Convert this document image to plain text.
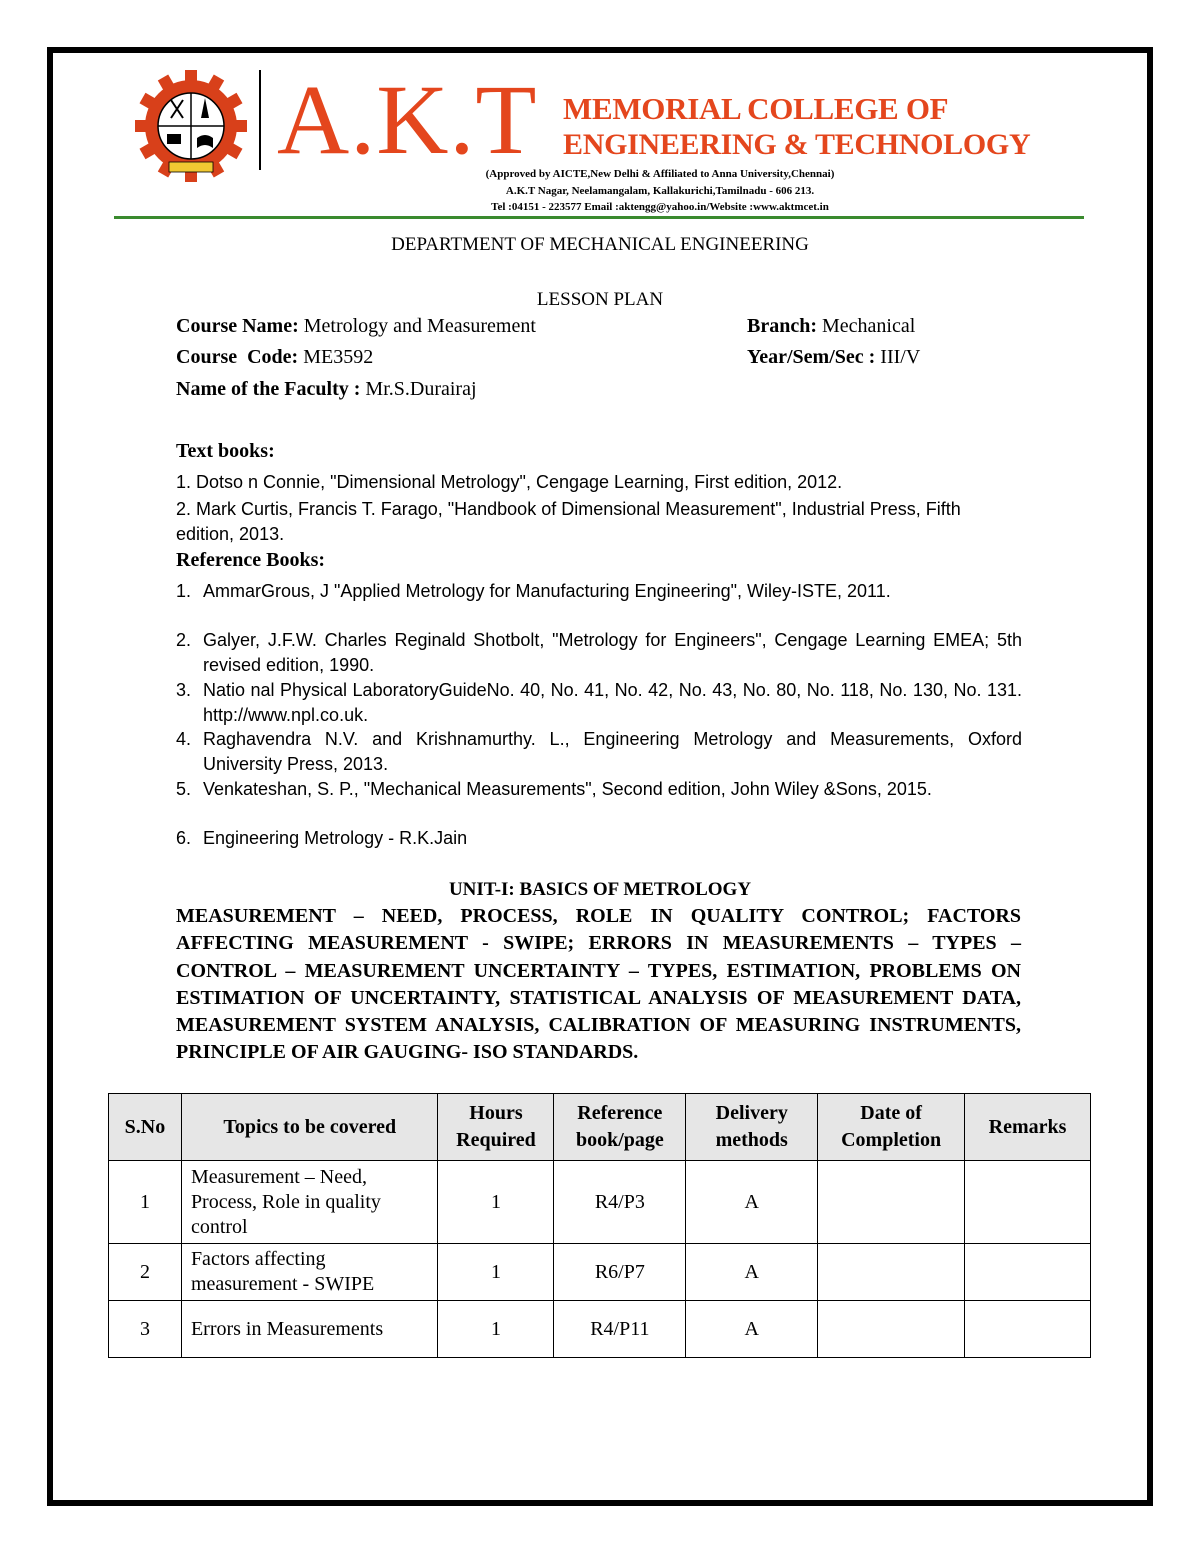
A.K.T MEMORIAL COLLEGE OF
ENGINEERING & TECHNOLOGY
(Approved by AICTE,New Delhi & Affiliated to Anna University,Chennai)
A.K.T Nagar, Neelamangalam, Kallakurichi,Tamilnadu - 606 213.
Tel :04151 - 223577 Email :aktengg@yahoo.in/Website :www.aktmcet.in
DEPARTMENT OF MECHANICAL ENGINEERING
LESSON PLAN
Course Name: Metrology and Measurement	Branch: Mechanical
Course  Code: ME3592	Year/Sem/Sec : III/V
Name of the Faculty : Mr.S.Durairaj
Text books:
1. Dotso n Connie, "Dimensional Metrology", Cengage Learning, First edition, 2012.
2. Mark Curtis, Francis T. Farago, "Handbook of Dimensional Measurement", Industrial Press, Fifth edition, 2013.
Reference Books:
1. AmmarGrous, J "Applied Metrology for Manufacturing Engineering", Wiley-ISTE, 2011.
2. Galyer, J.F.W. Charles Reginald Shotbolt, "Metrology for Engineers", Cengage Learning EMEA; 5th revised edition, 1990.
3. Natio nal Physical LaboratoryGuideNo. 40, No. 41, No. 42, No. 43, No. 80, No. 118, No. 130, No. 131. http://www.npl.co.uk.
4. Raghavendra N.V. and Krishnamurthy. L., Engineering Metrology and Measurements, Oxford University Press, 2013.
5. Venkateshan, S. P., "Mechanical Measurements", Second edition, John Wiley &Sons, 2015.
6. Engineering Metrology - R.K.Jain
UNIT-I: BASICS OF METROLOGY
MEASUREMENT – NEED, PROCESS, ROLE IN QUALITY CONTROL; FACTORS AFFECTING MEASUREMENT - SWIPE; ERRORS IN MEASUREMENTS – TYPES – CONTROL – MEASUREMENT UNCERTAINTY – TYPES, ESTIMATION, PROBLEMS ON ESTIMATION OF UNCERTAINTY, STATISTICAL ANALYSIS OF MEASUREMENT DATA, MEASUREMENT SYSTEM ANALYSIS, CALIBRATION OF MEASURING INSTRUMENTS, PRINCIPLE OF AIR GAUGING- ISO STANDARDS.
S.No	Topics to be covered	Hours Required	Reference book/page	Delivery methods	Date of Completion	Remarks
1	Measurement – Need, Process, Role in quality control	1	R4/P3	A		
2	Factors affecting measurement - SWIPE	1	R6/P7	A		
3	Errors in Measurements	1	R4/P11	A		
